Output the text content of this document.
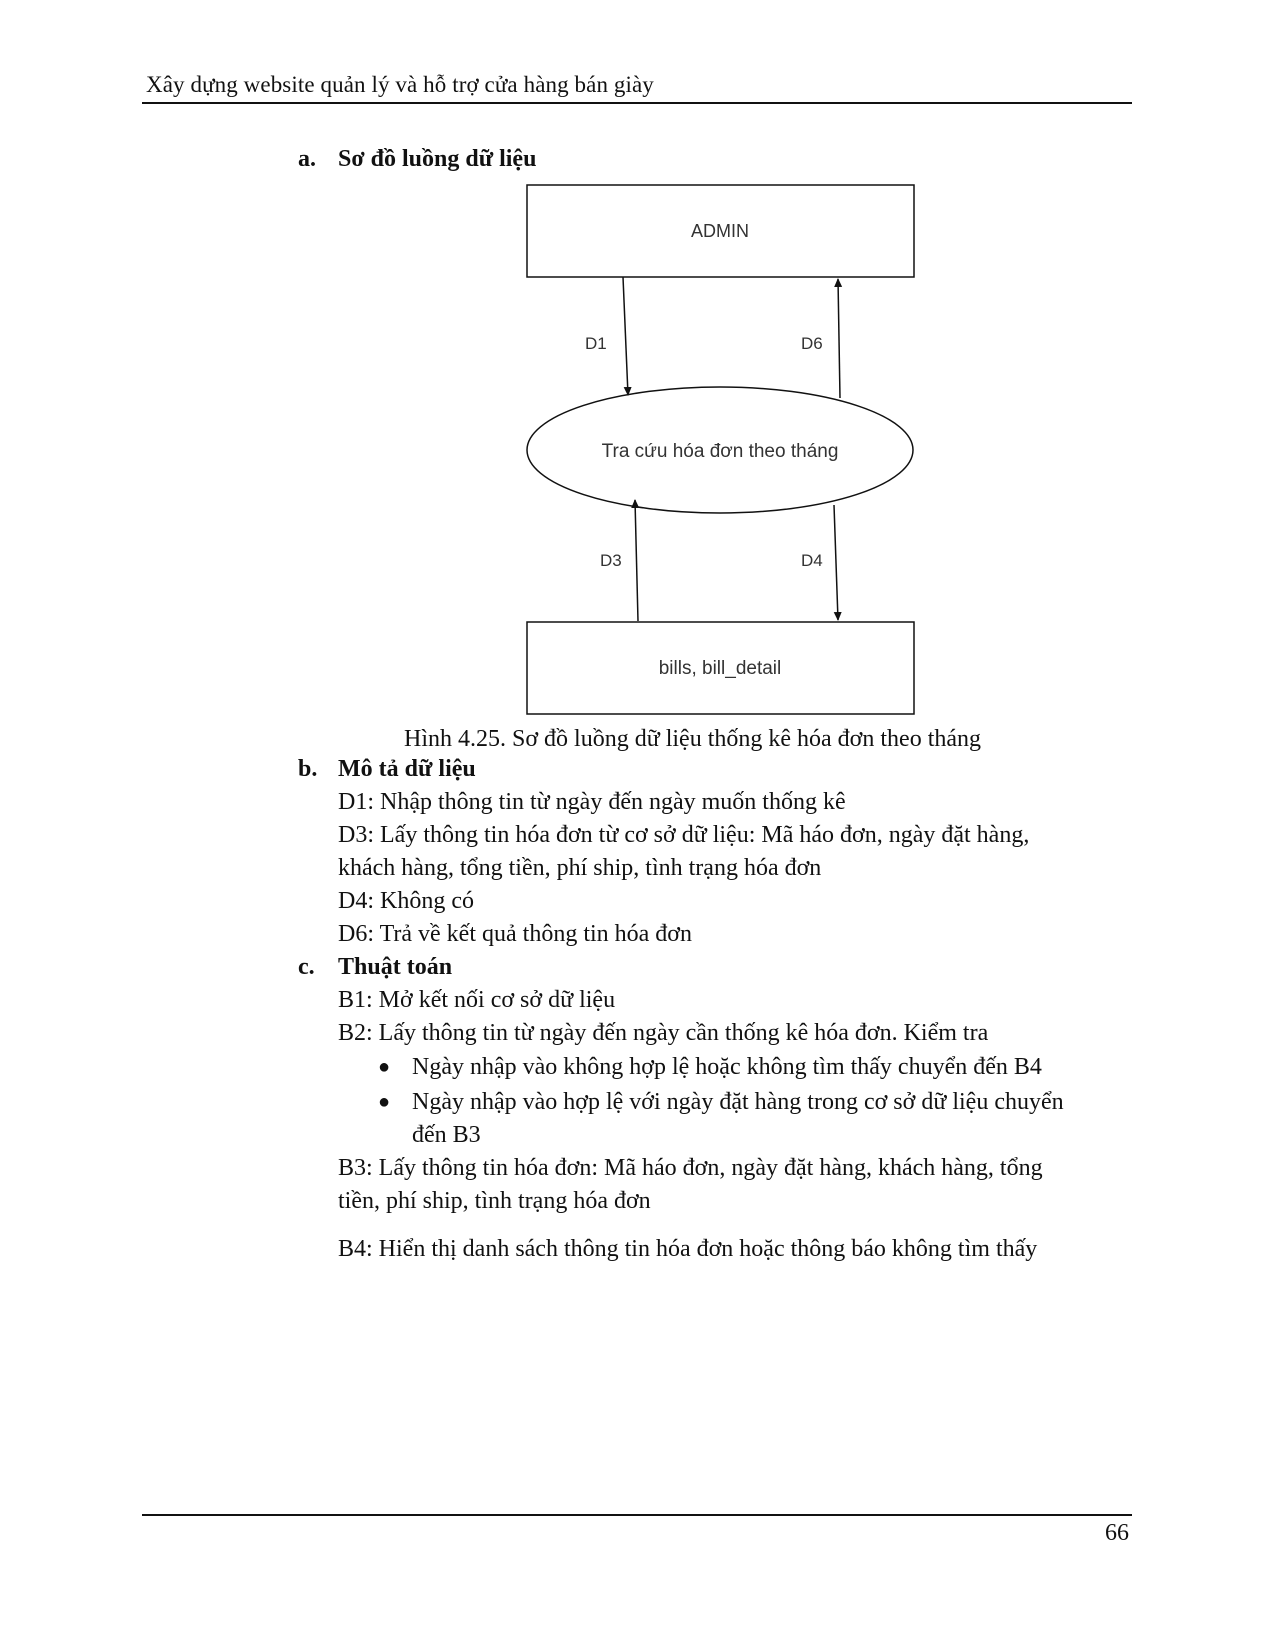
Xây dựng website quản lý và hỗ trợ cửa hàng bán giày
a. Sơ đồ luồng dữ liệu
ADMIN
Tra cứu hóa đơn theo tháng
bills, bill_detail
D1	D6
D3	D4
Hình 4.25. Sơ đồ luồng dữ liệu thống kê hóa đơn theo tháng
b. Mô tả dữ liệu
D1: Nhập thông tin từ ngày đến ngày muốn thống kê
D3: Lấy thông tin hóa đơn từ cơ sở dữ liệu: Mã háo đơn, ngày đặt hàng,
khách hàng, tổng tiền, phí ship, tình trạng hóa đơn
D4: Không có
D6: Trả về kết quả thông tin hóa đơn
c. Thuật toán
B1: Mở kết nối cơ sở dữ liệu
B2: Lấy thông tin từ ngày đến ngày cần thống kê hóa đơn. Kiểm tra
● Ngày nhập vào không hợp lệ hoặc không tìm thấy chuyển đến B4
● Ngày nhập vào hợp lệ với ngày đặt hàng trong cơ sở dữ liệu chuyển
đến B3
B3: Lấy thông tin hóa đơn: Mã háo đơn, ngày đặt hàng, khách hàng, tổng
tiền, phí ship, tình trạng hóa đơn
B4: Hiển thị danh sách thông tin hóa đơn hoặc thông báo không tìm thấy
66
